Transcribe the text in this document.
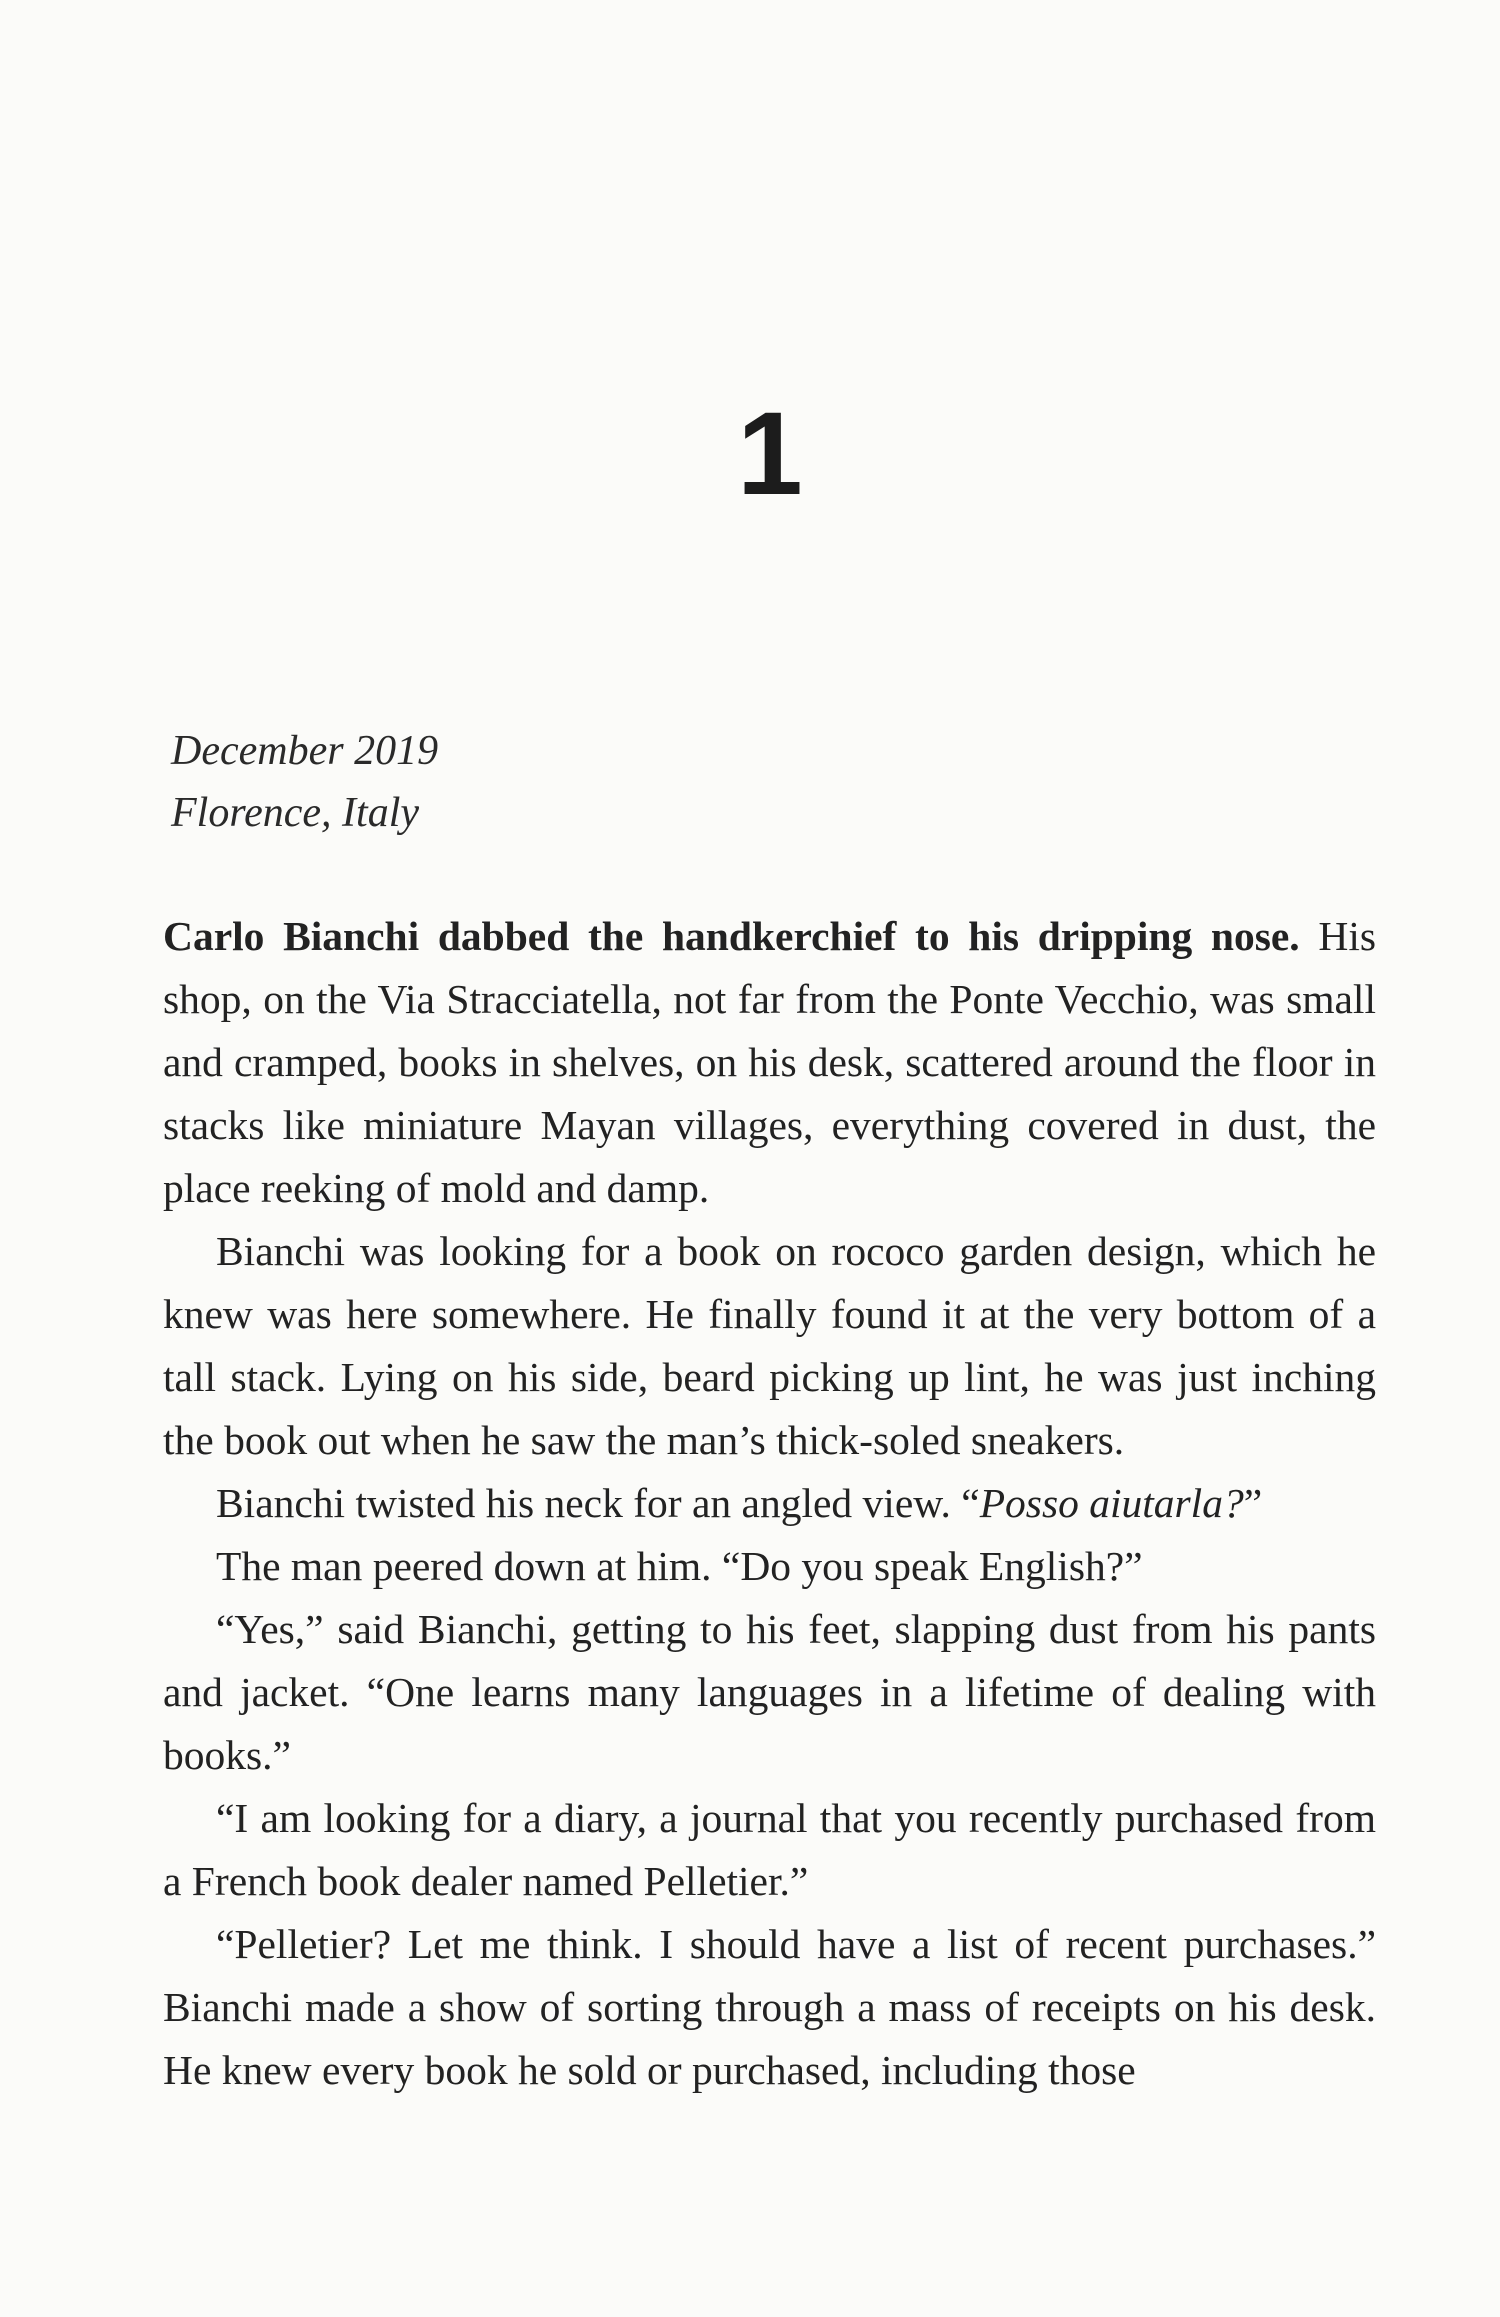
1
December 2019
Florence, Italy

Carlo Bianchi dabbed the handkerchief to his dripping nose. His shop, on the Via Stracciatella, not far from the Ponte Vecchio, was small and cramped, books in shelves, on his desk, scattered around the floor in stacks like miniature Mayan villages, everything covered in dust, the place reeking of mold and damp.

Bianchi was looking for a book on rococo garden design, which he knew was here somewhere. He finally found it at the very bottom of a tall stack. Lying on his side, beard picking up lint, he was just inching the book out when he saw the man’s thick-soled sneakers.

Bianchi twisted his neck for an angled view. “Posso aiutarla?”

The man peered down at him. “Do you speak English?”

“Yes,” said Bianchi, getting to his feet, slapping dust from his pants and jacket. “One learns many languages in a lifetime of dealing with books.”

“I am looking for a diary, a journal that you recently purchased from a French book dealer named Pelletier.”

“Pelletier? Let me think. I should have a list of recent purchases.” Bianchi made a show of sorting through a mass of receipts on his desk. He knew every book he sold or purchased, including those
